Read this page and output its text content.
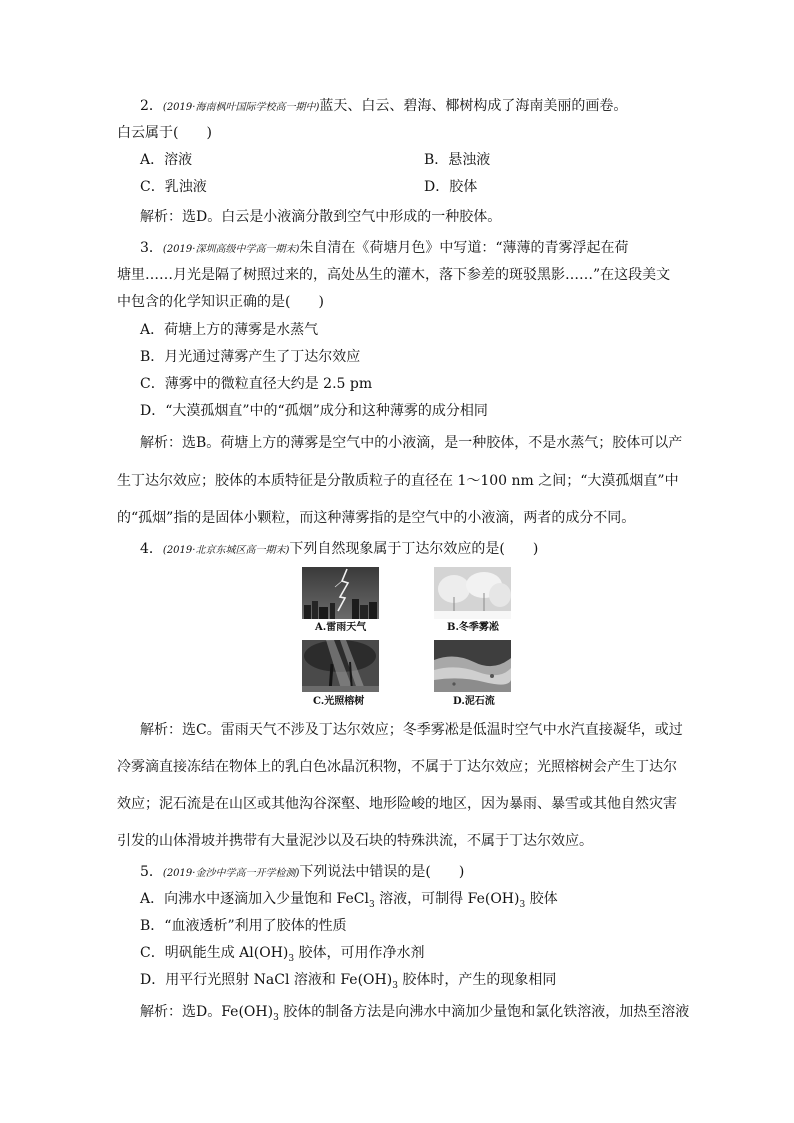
2．(2019·海南枫叶国际学校高一期中)蓝天、白云、碧海、椰树构成了海南美丽的画卷。
白云属于(　　)
A．溶液	B．悬浊液
C．乳浊液	D．胶体
解析：选D。白云是小液滴分散到空气中形成的一种胶体。
3．(2019·深圳高级中学高一期末)朱自清在《荷塘月色》中写道：“薄薄的青雾浮起在荷
塘里……月光是隔了树照过来的，高处丛生的灌木，落下参差的斑驳黑影……”在这段美文
中包含的化学知识正确的是(　　)
A．荷塘上方的薄雾是水蒸气
B．月光通过薄雾产生了丁达尔效应
C．薄雾中的微粒直径大约是 2.5 pm
D．“大漠孤烟直”中的“孤烟”成分和这种薄雾的成分相同
解析：选B。荷塘上方的薄雾是空气中的小液滴，是一种胶体，不是水蒸气；胶体可以产
生丁达尔效应；胶体的本质特征是分散质粒子的直径在 1～100 nm 之间；“大漠孤烟直”中
的“孤烟”指的是固体小颗粒，而这种薄雾指的是空气中的小液滴，两者的成分不同。
4．(2019·北京东城区高一期末)下列自然现象属于丁达尔效应的是(　　)
A.雷雨天气	B.冬季雾凇
C.光照榕树	D.泥石流
解析：选C。雷雨天气不涉及丁达尔效应；冬季雾凇是低温时空气中水汽直接凝华，或过
冷雾滴直接冻结在物体上的乳白色冰晶沉积物，不属于丁达尔效应；光照榕树会产生丁达尔
效应；泥石流是在山区或其他沟谷深壑、地形险峻的地区，因为暴雨、暴雪或其他自然灾害
引发的山体滑坡并携带有大量泥沙以及石块的特殊洪流，不属于丁达尔效应。
5．(2019·金沙中学高一开学检测)下列说法中错误的是(　　)
A．向沸水中逐滴加入少量饱和 FeCl$_3$ 溶液，可制得 $Fe(OH)_3$ 胶体
B．“血液透析”利用了胶体的性质
C．明矾能生成 $Al(OH)_3$ 胶体，可用作净水剂
D．用平行光照射 NaCl 溶液和 $Fe(OH)_3$ 胶体时，产生的现象相同
解析：选D。$Fe(OH)_3$ 胶体的制备方法是向沸水中滴加少量饱和氯化铁溶液，加热至溶液
